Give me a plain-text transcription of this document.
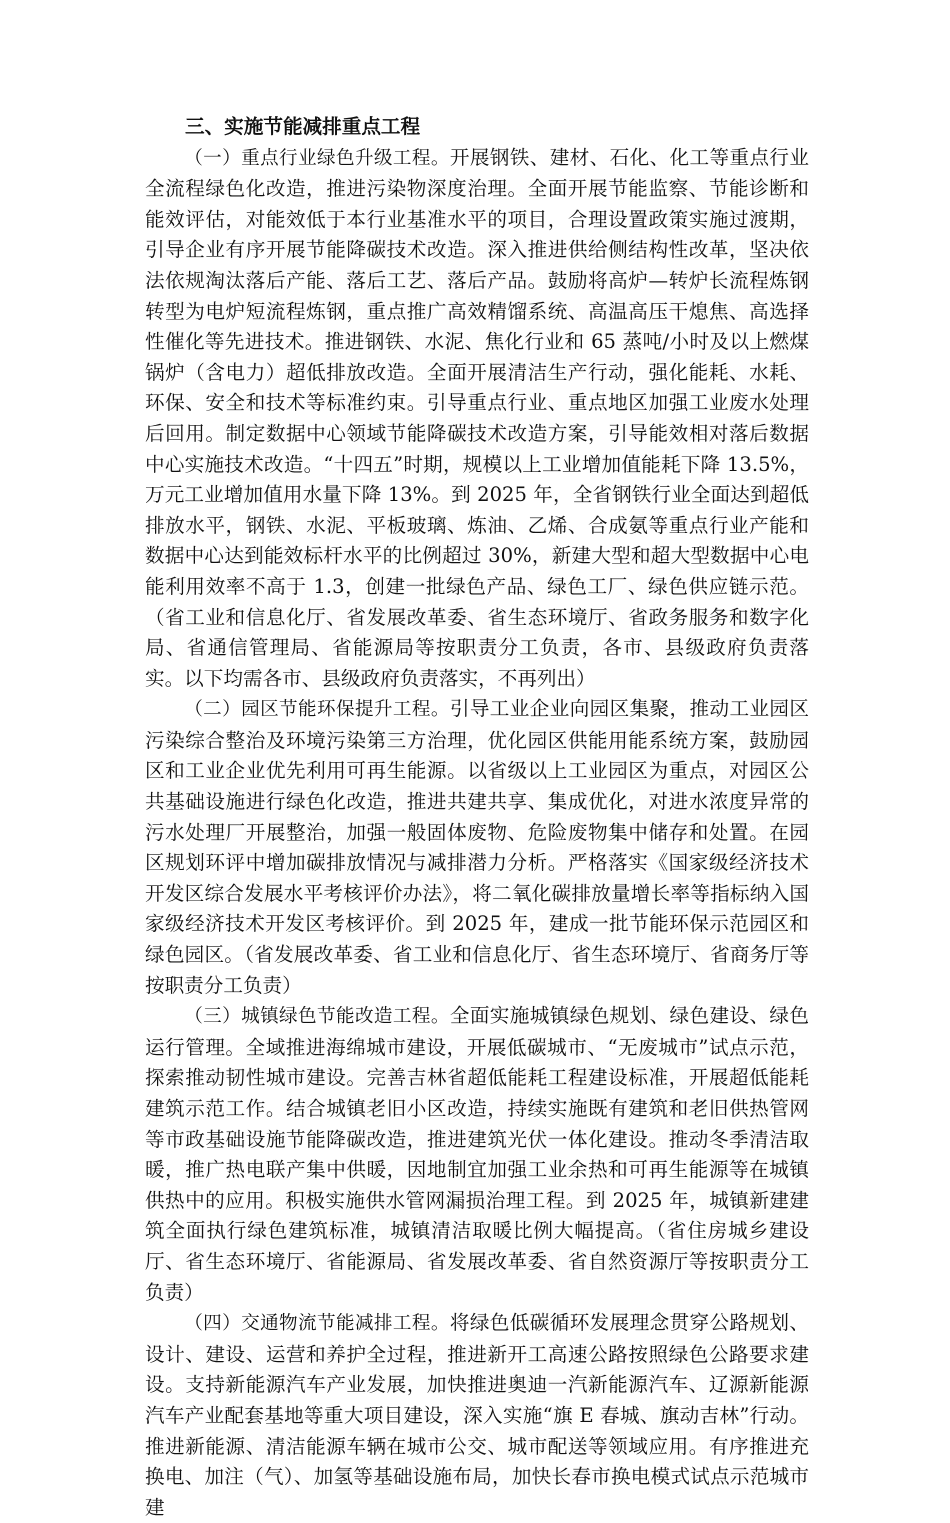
三、实施节能减排重点工程

（一）重点行业绿色升级工程。开展钢铁、建材、石化、化工等重点行业全流程绿色化改造，推进污染物深度治理。全面开展节能监察、节能诊断和能效评估，对能效低于本行业基准水平的项目，合理设置政策实施过渡期，引导企业有序开展节能降碳技术改造。深入推进供给侧结构性改革，坚决依法依规淘汰落后产能、落后工艺、落后产品。鼓励将高炉—转炉长流程炼钢转型为电炉短流程炼钢，重点推广高效精馏系统、高温高压干熄焦、高选择性催化等先进技术。推进钢铁、水泥、焦化行业和 65 蒸吨/小时及以上燃煤锅炉（含电力）超低排放改造。全面开展清洁生产行动，强化能耗、水耗、环保、安全和技术等标准约束。引导重点行业、重点地区加强工业废水处理后回用。制定数据中心领域节能降碳技术改造方案，引导能效相对落后数据中心实施技术改造。“十四五”时期，规模以上工业增加值能耗下降 13.5%，万元工业增加值用水量下降 13%。到 2025 年，全省钢铁行业全面达到超低排放水平，钢铁、水泥、平板玻璃、炼油、乙烯、合成氨等重点行业产能和数据中心达到能效标杆水平的比例超过 30%，新建大型和超大型数据中心电能利用效率不高于 1.3，创建一批绿色产品、绿色工厂、绿色供应链示范。（省工业和信息化厅、省发展改革委、省生态环境厅、省政务服务和数字化局、省通信管理局、省能源局等按职责分工负责，各市、县级政府负责落实。以下均需各市、县级政府负责落实，不再列出）

（二）园区节能环保提升工程。引导工业企业向园区集聚，推动工业园区污染综合整治及环境污染第三方治理，优化园区供能用能系统方案，鼓励园区和工业企业优先利用可再生能源。以省级以上工业园区为重点，对园区公共基础设施进行绿色化改造，推进共建共享、集成优化，对进水浓度异常的污水处理厂开展整治，加强一般固体废物、危险废物集中储存和处置。在园区规划环评中增加碳排放情况与减排潜力分析。严格落实《国家级经济技术开发区综合发展水平考核评价办法》，将二氧化碳排放量增长率等指标纳入国家级经济技术开发区考核评价。到 2025 年，建成一批节能环保示范园区和绿色园区。（省发展改革委、省工业和信息化厅、省生态环境厅、省商务厅等按职责分工负责）

（三）城镇绿色节能改造工程。全面实施城镇绿色规划、绿色建设、绿色运行管理。全域推进海绵城市建设，开展低碳城市、“无废城市”试点示范，探索推动韧性城市建设。完善吉林省超低能耗工程建设标准，开展超低能耗建筑示范工作。结合城镇老旧小区改造，持续实施既有建筑和老旧供热管网等市政基础设施节能降碳改造，推进建筑光伏一体化建设。推动冬季清洁取暖，推广热电联产集中供暖，因地制宜加强工业余热和可再生能源等在城镇供热中的应用。积极实施供水管网漏损治理工程。到 2025 年，城镇新建建筑全面执行绿色建筑标准，城镇清洁取暖比例大幅提高。（省住房城乡建设厅、省生态环境厅、省能源局、省发展改革委、省自然资源厅等按职责分工负责）

（四）交通物流节能减排工程。将绿色低碳循环发展理念贯穿公路规划、设计、建设、运营和养护全过程，推进新开工高速公路按照绿色公路要求建设。支持新能源汽车产业发展，加快推进奥迪一汽新能源汽车、辽源新能源汽车产业配套基地等重大项目建设，深入实施“旗 E 春城、旗动吉林”行动。推进新能源、清洁能源车辆在城市公交、城市配送等领域应用。有序推进充换电、加注（气）、加氢等基础设施布局，加快长春市换电模式试点示范城市建
